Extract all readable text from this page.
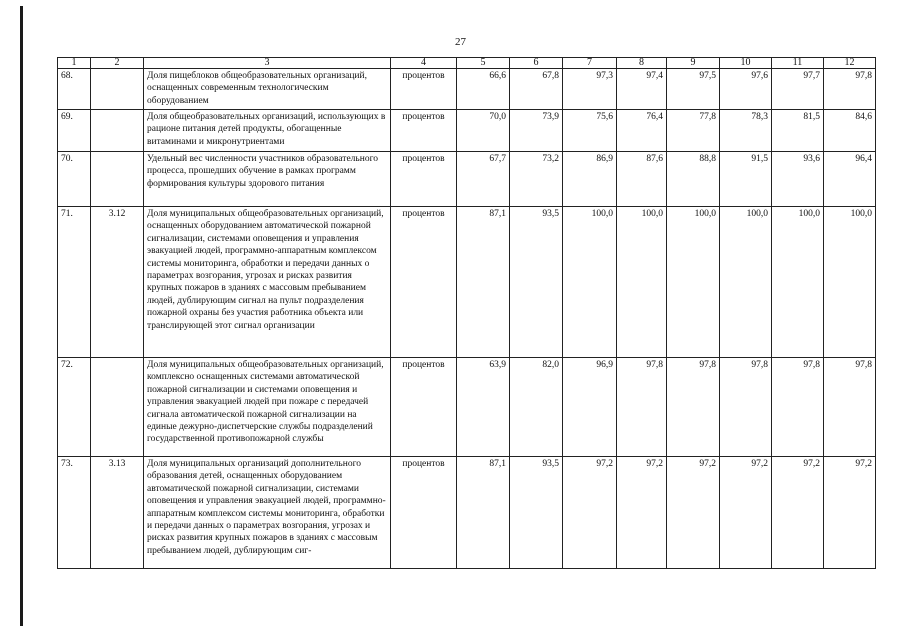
27
1	2	3	4	5	6	7	8	9	10	11	12
68.		Доля пищеблоков общеобразовательных организаций, оснащенных современным технологическим оборудованием	процентов	66,6	67,8	97,3	97,4	97,5	97,6	97,7	97,8
69.		Доля общеобразовательных организаций, использующих в рационе питания детей продукты, обогащенные витаминами и микронутриентами	процентов	70,0	73,9	75,6	76,4	77,8	78,3	81,5	84,6
70.		Удельный вес численности участников образовательного процесса, прошедших обучение в рамках программ формирования культуры здорового питания	процентов	67,7	73,2	86,9	87,6	88,8	91,5	93,6	96,4
71.	3.12	Доля муниципальных общеобразовательных организаций, оснащенных оборудованием автоматической пожарной сигнализации, системами оповещения и управления эвакуацией людей, программно-аппаратным комплексом системы мониторинга, обработки и передачи данных о параметрах возгорания, угрозах и рисках развития крупных пожаров в зданиях с массовым пребыванием людей, дублирующим сигнал на пульт подразделения пожарной охраны без участия работника объекта или транслирующей этот сигнал организации	процентов	87,1	93,5	100,0	100,0	100,0	100,0	100,0	100,0
72.		Доля муниципальных общеобразовательных организаций, комплексно оснащенных системами автоматической пожарной сигнализации и системами оповещения и управления эвакуацией людей при пожаре с передачей сигнала автоматической пожарной сигнализации на единые дежурно-диспетчерские службы подразделений государственной противопожарной службы	процентов	63,9	82,0	96,9	97,8	97,8	97,8	97,8	97,8
73.	3.13	Доля муниципальных организаций дополнительного образования детей, оснащенных оборудованием автоматической пожарной сигнализации, системами оповещения и управления эвакуацией людей, программно-аппаратным комплексом системы мониторинга, обработки и передачи данных о параметрах возгорания, угрозах и рисках развития крупных пожаров в зданиях с массовым пребыванием людей, дублирующим сиг-	процентов	87,1	93,5	97,2	97,2	97,2	97,2	97,2	97,2
